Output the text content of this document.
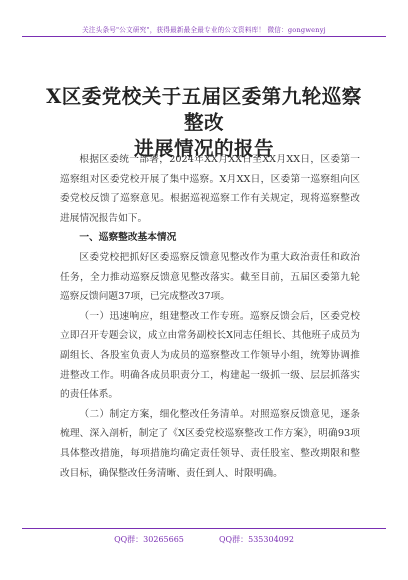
关注头条号"公文研究"，获得最新最全最专业的公文资料库！ 微信：gongwenyj
X区委党校关于五届区委第九轮巡察整改
进展情况的报告

根据区委统一部署，2024年XX月XX日至XX月XX日，区委第一巡察组对区委党校开展了集中巡察。X月XX日，区委第一巡察组向区委党校反馈了巡察意见。根据巡视巡察工作有关规定，现将巡察整改进展情况报告如下。

一、巡察整改基本情况

区委党校把抓好区委巡察反馈意见整改作为重大政治责任和政治任务，全力推动巡察反馈意见整改落实。截至目前，五届区委第九轮巡察反馈问题37项，已完成整改37项。

（一）迅速响应，组建整改工作专班。巡察反馈会后，区委党校立即召开专题会议，成立由常务副校长X同志任组长、其他班子成员为副组长、各股室负责人为成员的巡察整改工作领导小组，统筹协调推进整改工作。明确各成员职责分工，构建起一级抓一级、层层抓落实的责任体系。

（二）制定方案，细化整改任务清单。对照巡察反馈意见，逐条梳理、深入剖析，制定了《X区委党校巡察整改工作方案》，明确93项具体整改措施，每项措施均确定责任领导、责任股室、整改期限和整改目标，确保整改任务清晰、责任到人、时限明确。

QQ群：30265665	QQ群：535304092
